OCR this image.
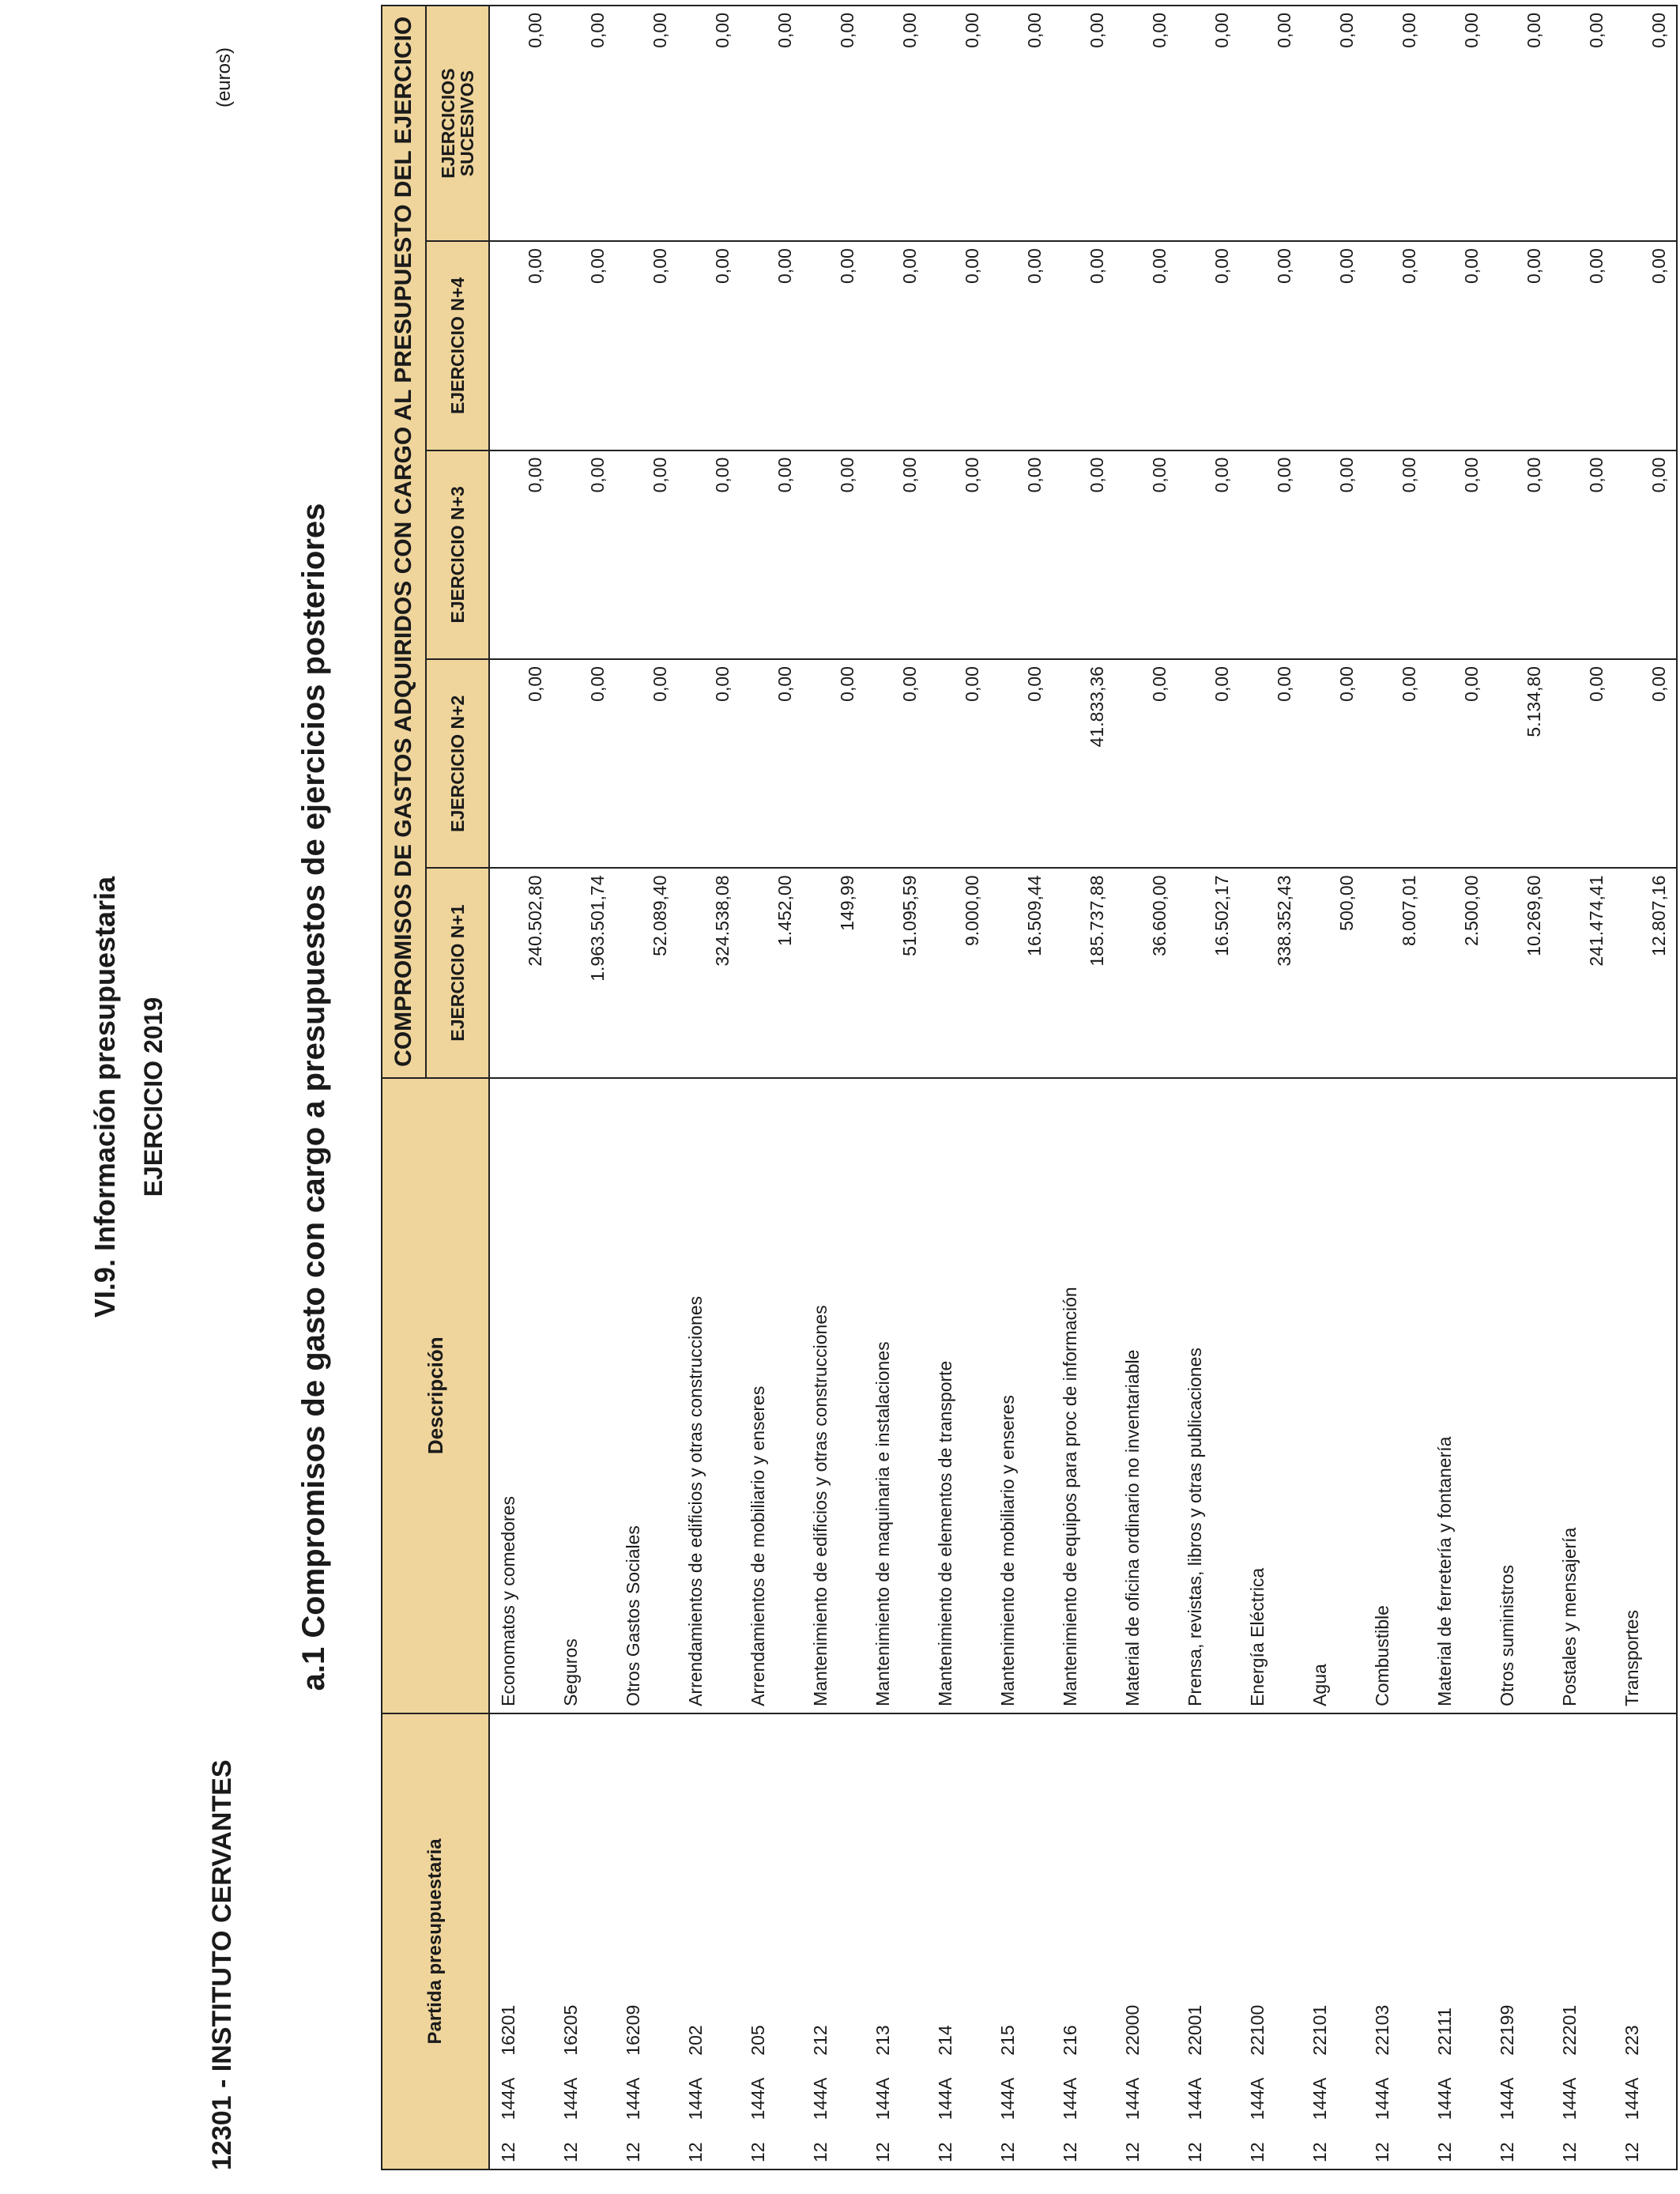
VI.9. Información presupuestaria EJERCICIO 2019
12301 - INSTITUTO CERVANTES
a.1 Compromisos de gasto con cargo a presupuestos de ejercicios posteriores
(euros)
Partida presupuestaria	Descripción	COMPROMISOS DE GASTOS ADQUIRIDOS CON CARGO AL PRESUPUESTO DEL EJERCICIO				
		EJERCICIO N+1	EJERCICIO N+2	EJERCICIO N+3	EJERCICIO N+4	EJERCICIOS
SUCESIVOS

12144A16201	Economatos y comedores	240.502,80	0,00	0,00	0,00	0,00
12144A16205	Seguros	1.963.501,74	0,00	0,00	0,00	0,00
12144A16209	Otros Gastos Sociales	52.089,40	0,00	0,00	0,00	0,00
12144A202	Arrendamientos de edificios y otras construcciones	324.538,08	0,00	0,00	0,00	0,00
12144A205	Arrendamientos de mobiliario y enseres	1.452,00	0,00	0,00	0,00	0,00
12144A212	Mantenimiento de edificios y otras construcciones	149,99	0,00	0,00	0,00	0,00
12144A213	Mantenimiento de maquinaria e instalaciones	51.095,59	0,00	0,00	0,00	0,00
12144A214	Mantenimiento de elementos de transporte	9.000,00	0,00	0,00	0,00	0,00
12144A215	Mantenimiento de mobiliario y enseres	16.509,44	0,00	0,00	0,00	0,00
12144A216	Mantenimiento de equipos para proc de información	185.737,88	41.833,36	0,00	0,00	0,00
12144A22000	Material de oficina ordinario no inventariable	36.600,00	0,00	0,00	0,00	0,00
12144A22001	Prensa, revistas, libros y otras publicaciones	16.502,17	0,00	0,00	0,00	0,00
12144A22100	Energía Eléctrica	338.352,43	0,00	0,00	0,00	0,00
12144A22101	Agua	500,00	0,00	0,00	0,00	0,00
12144A22103	Combustible	8.007,01	0,00	0,00	0,00	0,00
12144A22111	Material de ferretería y fontanería	2.500,00	0,00	0,00	0,00	0,00
12144A22199	Otros suministros	10.269,60	5.134,80	0,00	0,00	0,00
12144A22201	Postales y mensajería	241.474,41	0,00	0,00	0,00	0,00
12144A223	Transportes	12.807,16	0,00	0,00	0,00	0,00
